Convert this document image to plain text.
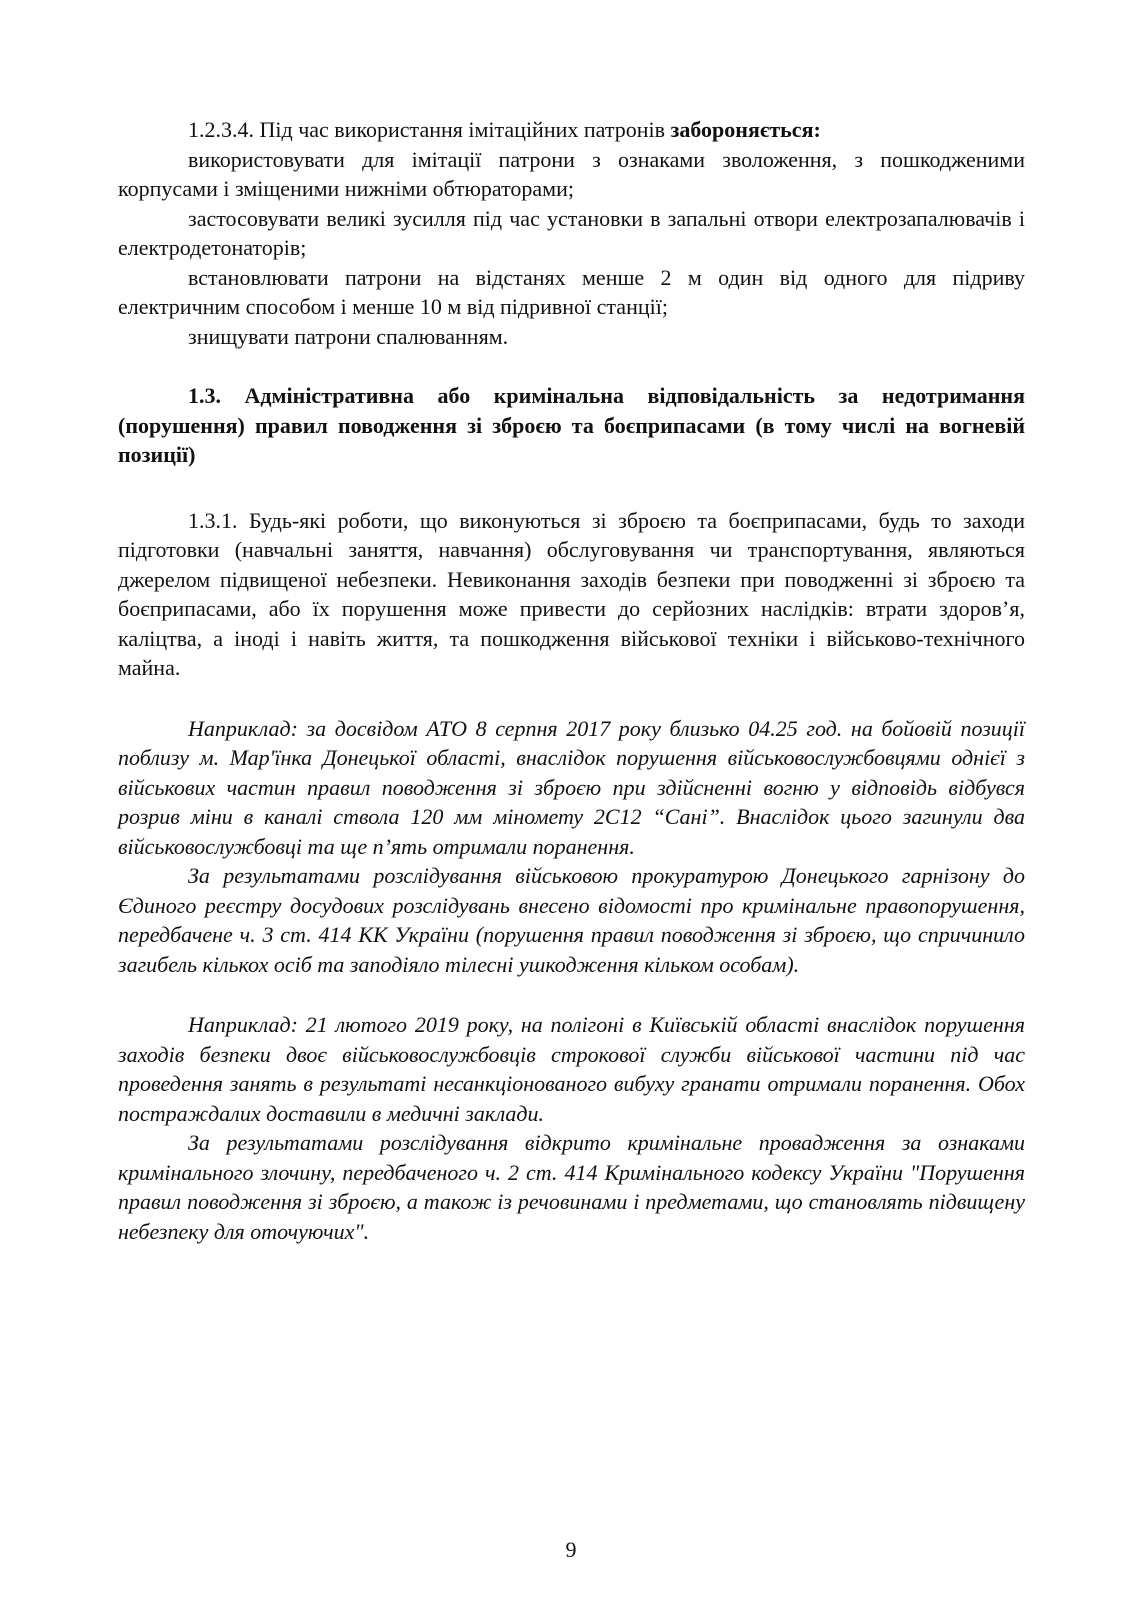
1.2.3.4. Під час використання імітаційних патронів забороняється:

використовувати для імітації патрони з ознаками зволоження, з пошкодженими корпусами і зміщеними нижніми обтюраторами;

застосовувати великі зусилля під час установки в запальні отвори електрозапалювачів і електродетонаторів;

встановлювати патрони на відстанях менше 2 м один від одного для підриву електричним способом і менше 10 м від підривної станції;

знищувати патрони спалюванням.

1.3. Адміністративна або кримінальна відповідальність за недотримання (порушення) правил поводження зі зброєю та боєприпасами (в тому числі на вогневій позиції)

1.3.1. Будь-які роботи, що виконуються зі зброєю та боєприпасами, будь то заходи підготовки (навчальні заняття, навчання) обслуговування чи транспортування, являються джерелом підвищеної небезпеки. Невиконання заходів безпеки при поводженні зі зброєю та боєприпасами, або їх порушення може привести до серйозних наслідків: втрати здоров’я, каліцтва, а іноді і навіть життя, та пошкодження військової техніки і військово-технічного майна.

Наприклад: за досвідом АТО 8 серпня 2017 року близько 04.25 год. на бойовій позиції поблизу м. Мар'їнка Донецької області, внаслідок порушення військовослужбовцями однієї з військових частин правил поводження зі зброєю при здійсненні вогню у відповідь відбувся розрив міни в каналі ствола 120 мм міномету 2С12 “Сані”. Внаслідок цього загинули два військовослужбовці та ще п’ять отримали поранення.

За результатами розслідування військовою прокуратурою Донецького гарнізону до Єдиного реєстру досудових розслідувань внесено відомості про кримінальне правопорушення, передбачене ч. 3 ст. 414 КК України (порушення правил поводження зі зброєю, що спричинило загибель кількох осіб та заподіяло тілесні ушкодження кільком особам).

Наприклад: 21 лютого 2019 року, на полігоні в Київській області внаслідок порушення заходів безпеки двоє військовослужбовців строкової служби військової частини під час проведення занять в результаті несанкціонованого вибуху гранати отримали поранення. Обох постраждалих доставили в медичні заклади.

За результатами розслідування відкрито кримінальне провадження за ознаками кримінального злочину, передбаченого ч. 2 ст. 414 Кримінального кодексу України "Порушення правил поводження зі зброєю, а також із речовинами і предметами, що становлять підвищену небезпеку для оточуючих".

9
